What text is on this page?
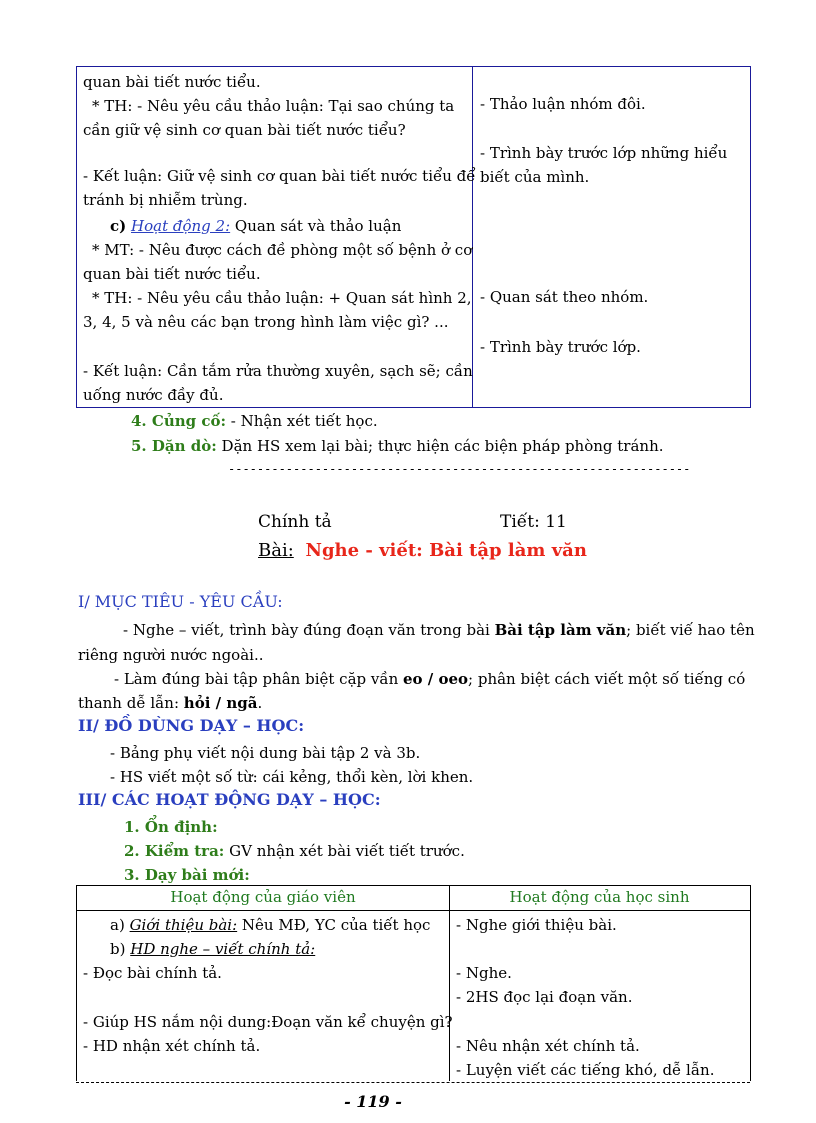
quan bài tiết nước tiểu.
* TH: - Nêu yêu cầu thảo luận: Tại sao chúng ta
cần giữ vệ sinh cơ quan bài tiết nước tiểu?
- Kết luận: Giữ vệ sinh cơ quan bài tiết nước tiểu để
tránh bị nhiễm trùng.
c) Hoạt động 2: Quan sát và thảo luận
* MT: - Nêu được cách đề phòng một số bệnh ở cơ
quan bài tiết nước tiểu.
* TH: - Nêu yêu cầu thảo luận: + Quan sát hình 2,
3, 4, 5 và nêu các bạn trong hình làm việc gì? ...
- Kết luận: Cần tắm rửa thường xuyên, sạch sẽ; cần
uống nước đầy đủ.
- Thảo luận nhóm đôi.
- Trình bày trước lớp những hiểu
biết của mình.
- Quan sát theo nhóm.
- Trình bày trước lớp.
4. Củng cố: - Nhận xét tiết học.
5. Dặn dò: Dặn HS xem lại bài; thực hiện các biện pháp phòng tránh.
----------------------------------------------------------------
Chính tả	Tiết: 11
Bài: Nghe - viết: Bài tập làm văn
I/ MỤC TIÊU - YÊU CẦU:
- Nghe – viết, trình bày đúng đoạn văn trong bài Bài tập làm văn; biết viế hao tên
riêng người nước ngoài..
- Làm đúng bài tập phân biệt cặp vần eo / oeo; phân biệt cách viết một số tiếng có
thanh dễ lẫn: hỏi / ngã.
II/ ĐỒ DÙNG DẠY – HỌC:
- Bảng phụ viết nội dung bài tập 2 và 3b.
- HS viết một số từ: cái kẻng, thổi kèn, lời khen.
III/ CÁC HOẠT ĐỘNG DẠY – HỌC:
1. Ổn định:
2. Kiểm tra: GV nhận xét bài viết tiết trước.
3. Dạy bài mới:
Hoạt động của giáo viên	Hoạt động của học sinh
a) Giới thiệu bài: Nêu MĐ, YC của tiết học
b) HD nghe – viết chính tả:
- Đọc bài chính tả.
- Giúp HS nắm nội dung:Đoạn văn kể chuyện gì?
- HD nhận xét chính tả.
- Nghe giới thiệu bài.
- Nghe.
- 2HS đọc lại đoạn văn.
- Nêu nhận xét chính tả.
- Luyện viết các tiếng khó, dễ lẫn.
- 119 -
